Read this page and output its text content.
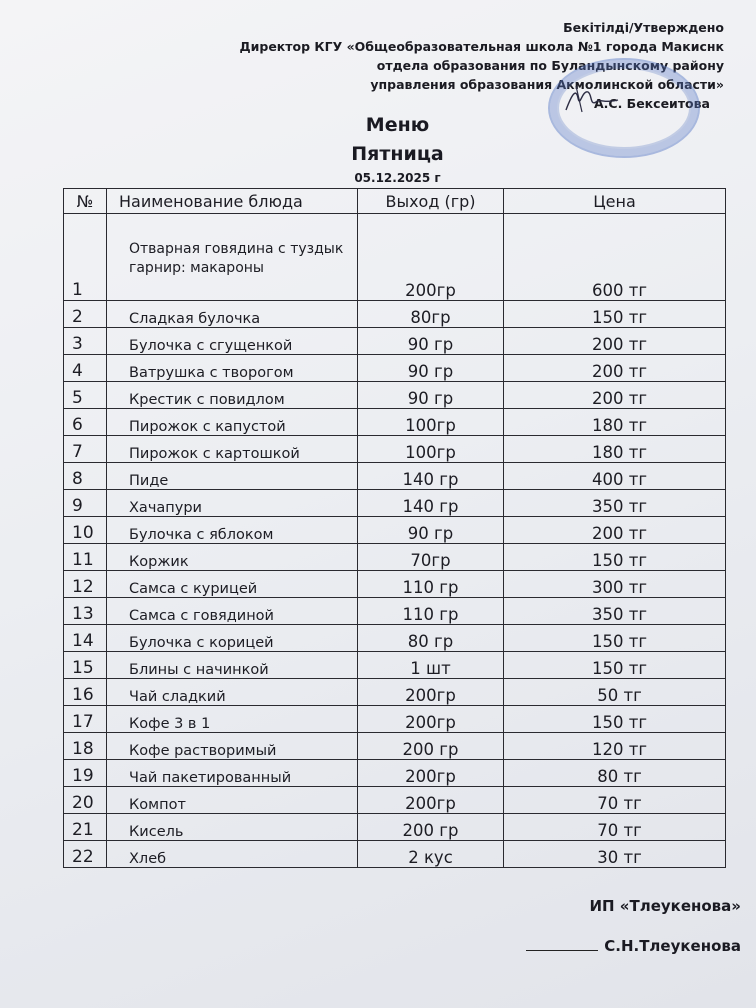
Бекітілді/Утверждено
Директор КГУ «Общеобразовательная школа №1 города Макиснк
отдела образования по Буландынскому району
управления образования Акмолинской области»
А.С. Бексеитова
Меню
Пятница
05.12.2025 г
№	Наименование блюда	Выход (гр)	Цена
1	Отварная говядина с туздык гарнир: макароны	200гр	600 тг
2	Сладкая булочка	80гр	150 тг
3	Булочка с сгущенкой	90 гр	200 тг
4	Ватрушка с творогом	90 гр	200 тг
5	Крестик с повидлом	90 гр	200 тг
6	Пирожок с капустой	100гр	180 тг
7	Пирожок с картошкой	100гр	180 тг
8	Пиде	140 гр	400 тг
9	Хачапури	140 гр	350 тг
10	Булочка с яблоком	90 гр	200 тг
11	Коржик	70гр	150 тг
12	Самса с курицей	110 гр	300 тг
13	Самса с говядиной	110 гр	350 тг
14	Булочка с корицей	80 гр	150 тг
15	Блины с начинкой	1 шт	150 тг
16	Чай сладкий	200гр	50 тг
17	Кофе 3 в 1	200гр	150 тг
18	Кофе растворимый	200 гр	120 тг
19	Чай пакетированный	200гр	80 тг
20	Компот	200гр	70 тг
21	Кисель	200 гр	70 тг
22	Хлеб	2 кус	30 тг
ИП «Тлеукенова»
С.Н.Тлеукенова
